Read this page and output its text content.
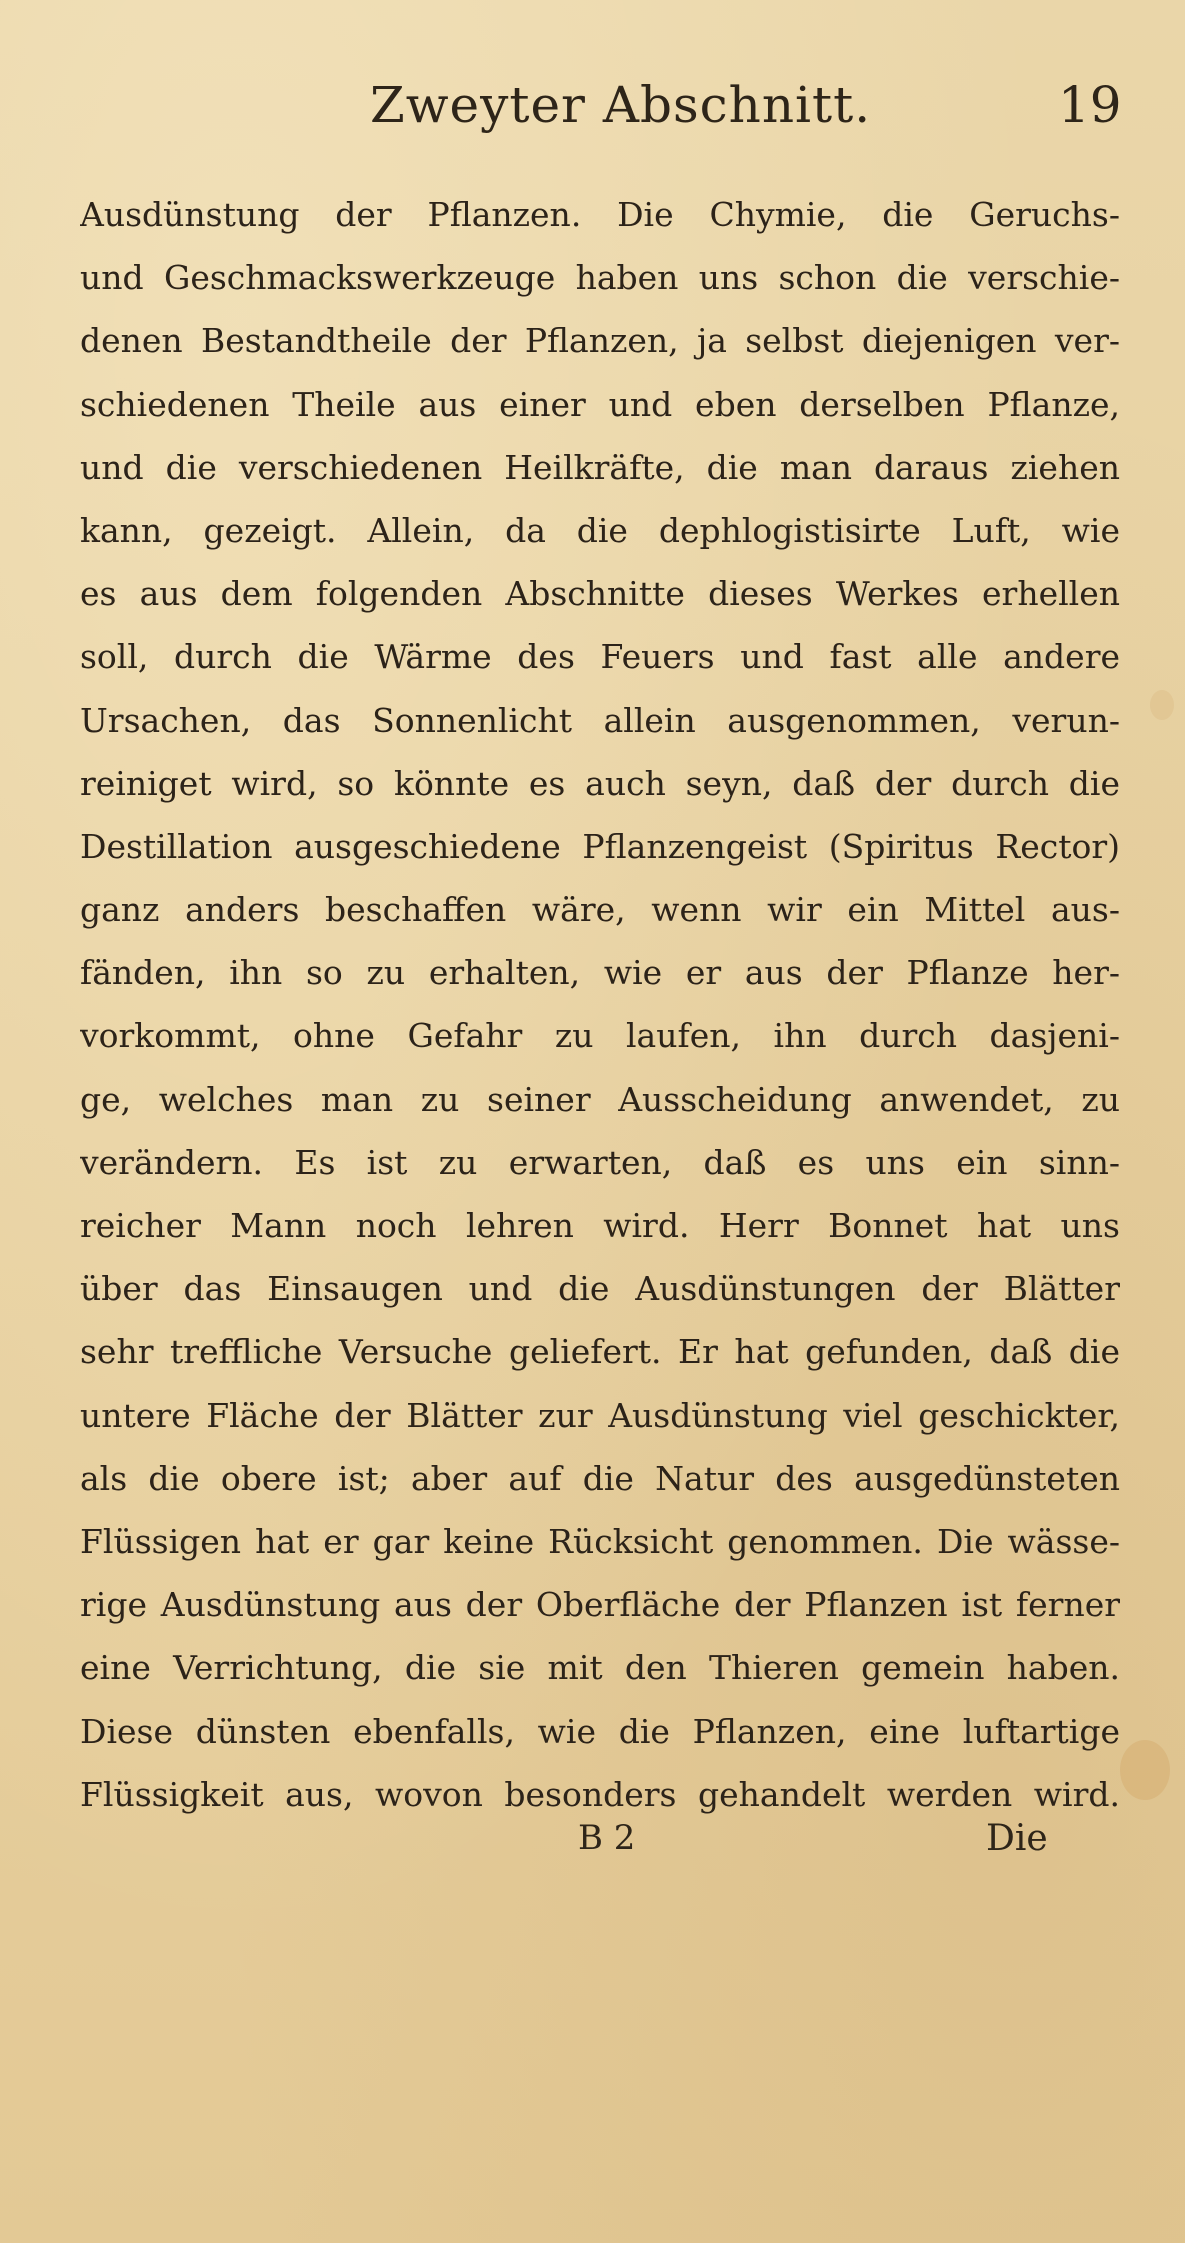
Zweyter Abschnitt.	19
Ausdünstung der Pflanzen. Die Chymie, die Geruchs-
und Geschmackswerkzeuge haben uns schon die verschie-
denen Bestandtheile der Pflanzen, ja selbst diejenigen ver-
schiedenen Theile aus einer und eben derselben Pflanze,
und die verschiedenen Heilkräfte, die man daraus ziehen
kann, gezeigt. Allein, da die dephlogistisirte Luft, wie
es aus dem folgenden Abschnitte dieses Werkes erhellen
soll, durch die Wärme des Feuers und fast alle andere
Ursachen, das Sonnenlicht allein ausgenommen, verun-
reiniget wird, so könnte es auch seyn, daß der durch die
Destillation ausgeschiedene Pflanzengeist (Spiritus Rector)
ganz anders beschaffen wäre, wenn wir ein Mittel aus-
fänden, ihn so zu erhalten, wie er aus der Pflanze her-
vorkommt, ohne Gefahr zu laufen, ihn durch dasjeni-
ge, welches man zu seiner Ausscheidung anwendet, zu
verändern. Es ist zu erwarten, daß es uns ein sinn-
reicher Mann noch lehren wird. Herr Bonnet hat uns
über das Einsaugen und die Ausdünstungen der Blätter
sehr treffliche Versuche geliefert. Er hat gefunden, daß die
untere Fläche der Blätter zur Ausdünstung viel geschickter,
als die obere ist; aber auf die Natur des ausgedünsteten
Flüssigen hat er gar keine Rücksicht genommen. Die wässe-
rige Ausdünstung aus der Oberfläche der Pflanzen ist ferner
eine Verrichtung, die sie mit den Thieren gemein haben.
Diese dünsten ebenfalls, wie die Pflanzen, eine luftartige
Flüssigkeit aus, wovon besonders gehandelt werden wird.
B 2	Die
